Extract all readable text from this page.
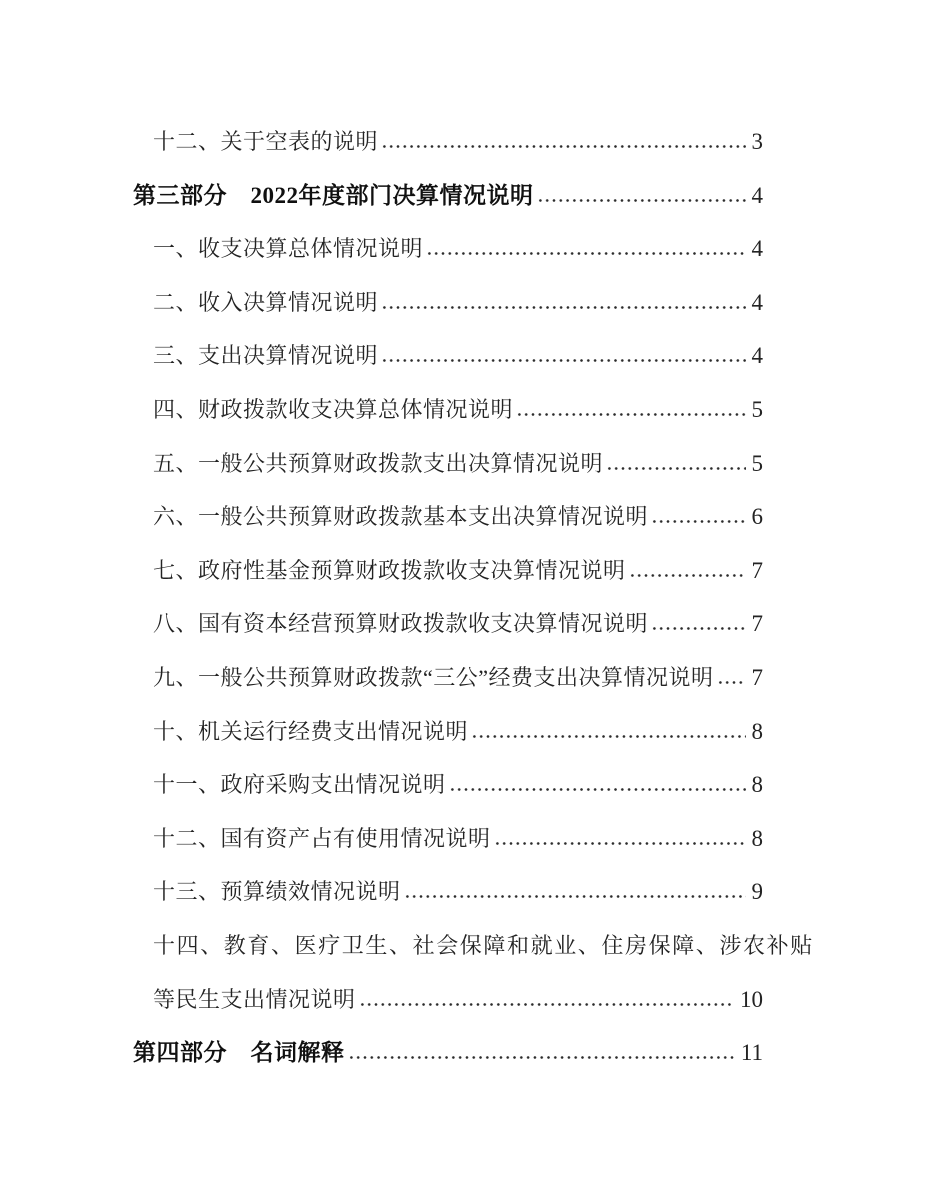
十二、关于空表的说明	3
第三部分　2022年度部门决算情况说明	4
一、收支决算总体情况说明	4
二、收入决算情况说明	4
三、支出决算情况说明	4
四、财政拨款收支决算总体情况说明	5
五、一般公共预算财政拨款支出决算情况说明	5
六、一般公共预算财政拨款基本支出决算情况说明	6
七、政府性基金预算财政拨款收支决算情况说明	7
八、国有资本经营预算财政拨款收支决算情况说明	7
九、一般公共预算财政拨款“三公”经费支出决算情况说明 7
十、机关运行经费支出情况说明	8
十一、政府采购支出情况说明	8
十二、国有资产占有使用情况说明	8
十三、预算绩效情况说明	9
十四、教育、医疗卫生、社会保障和就业、住房保障、涉农补贴
等民生支出情况说明	10
第四部分　名词解释	11
